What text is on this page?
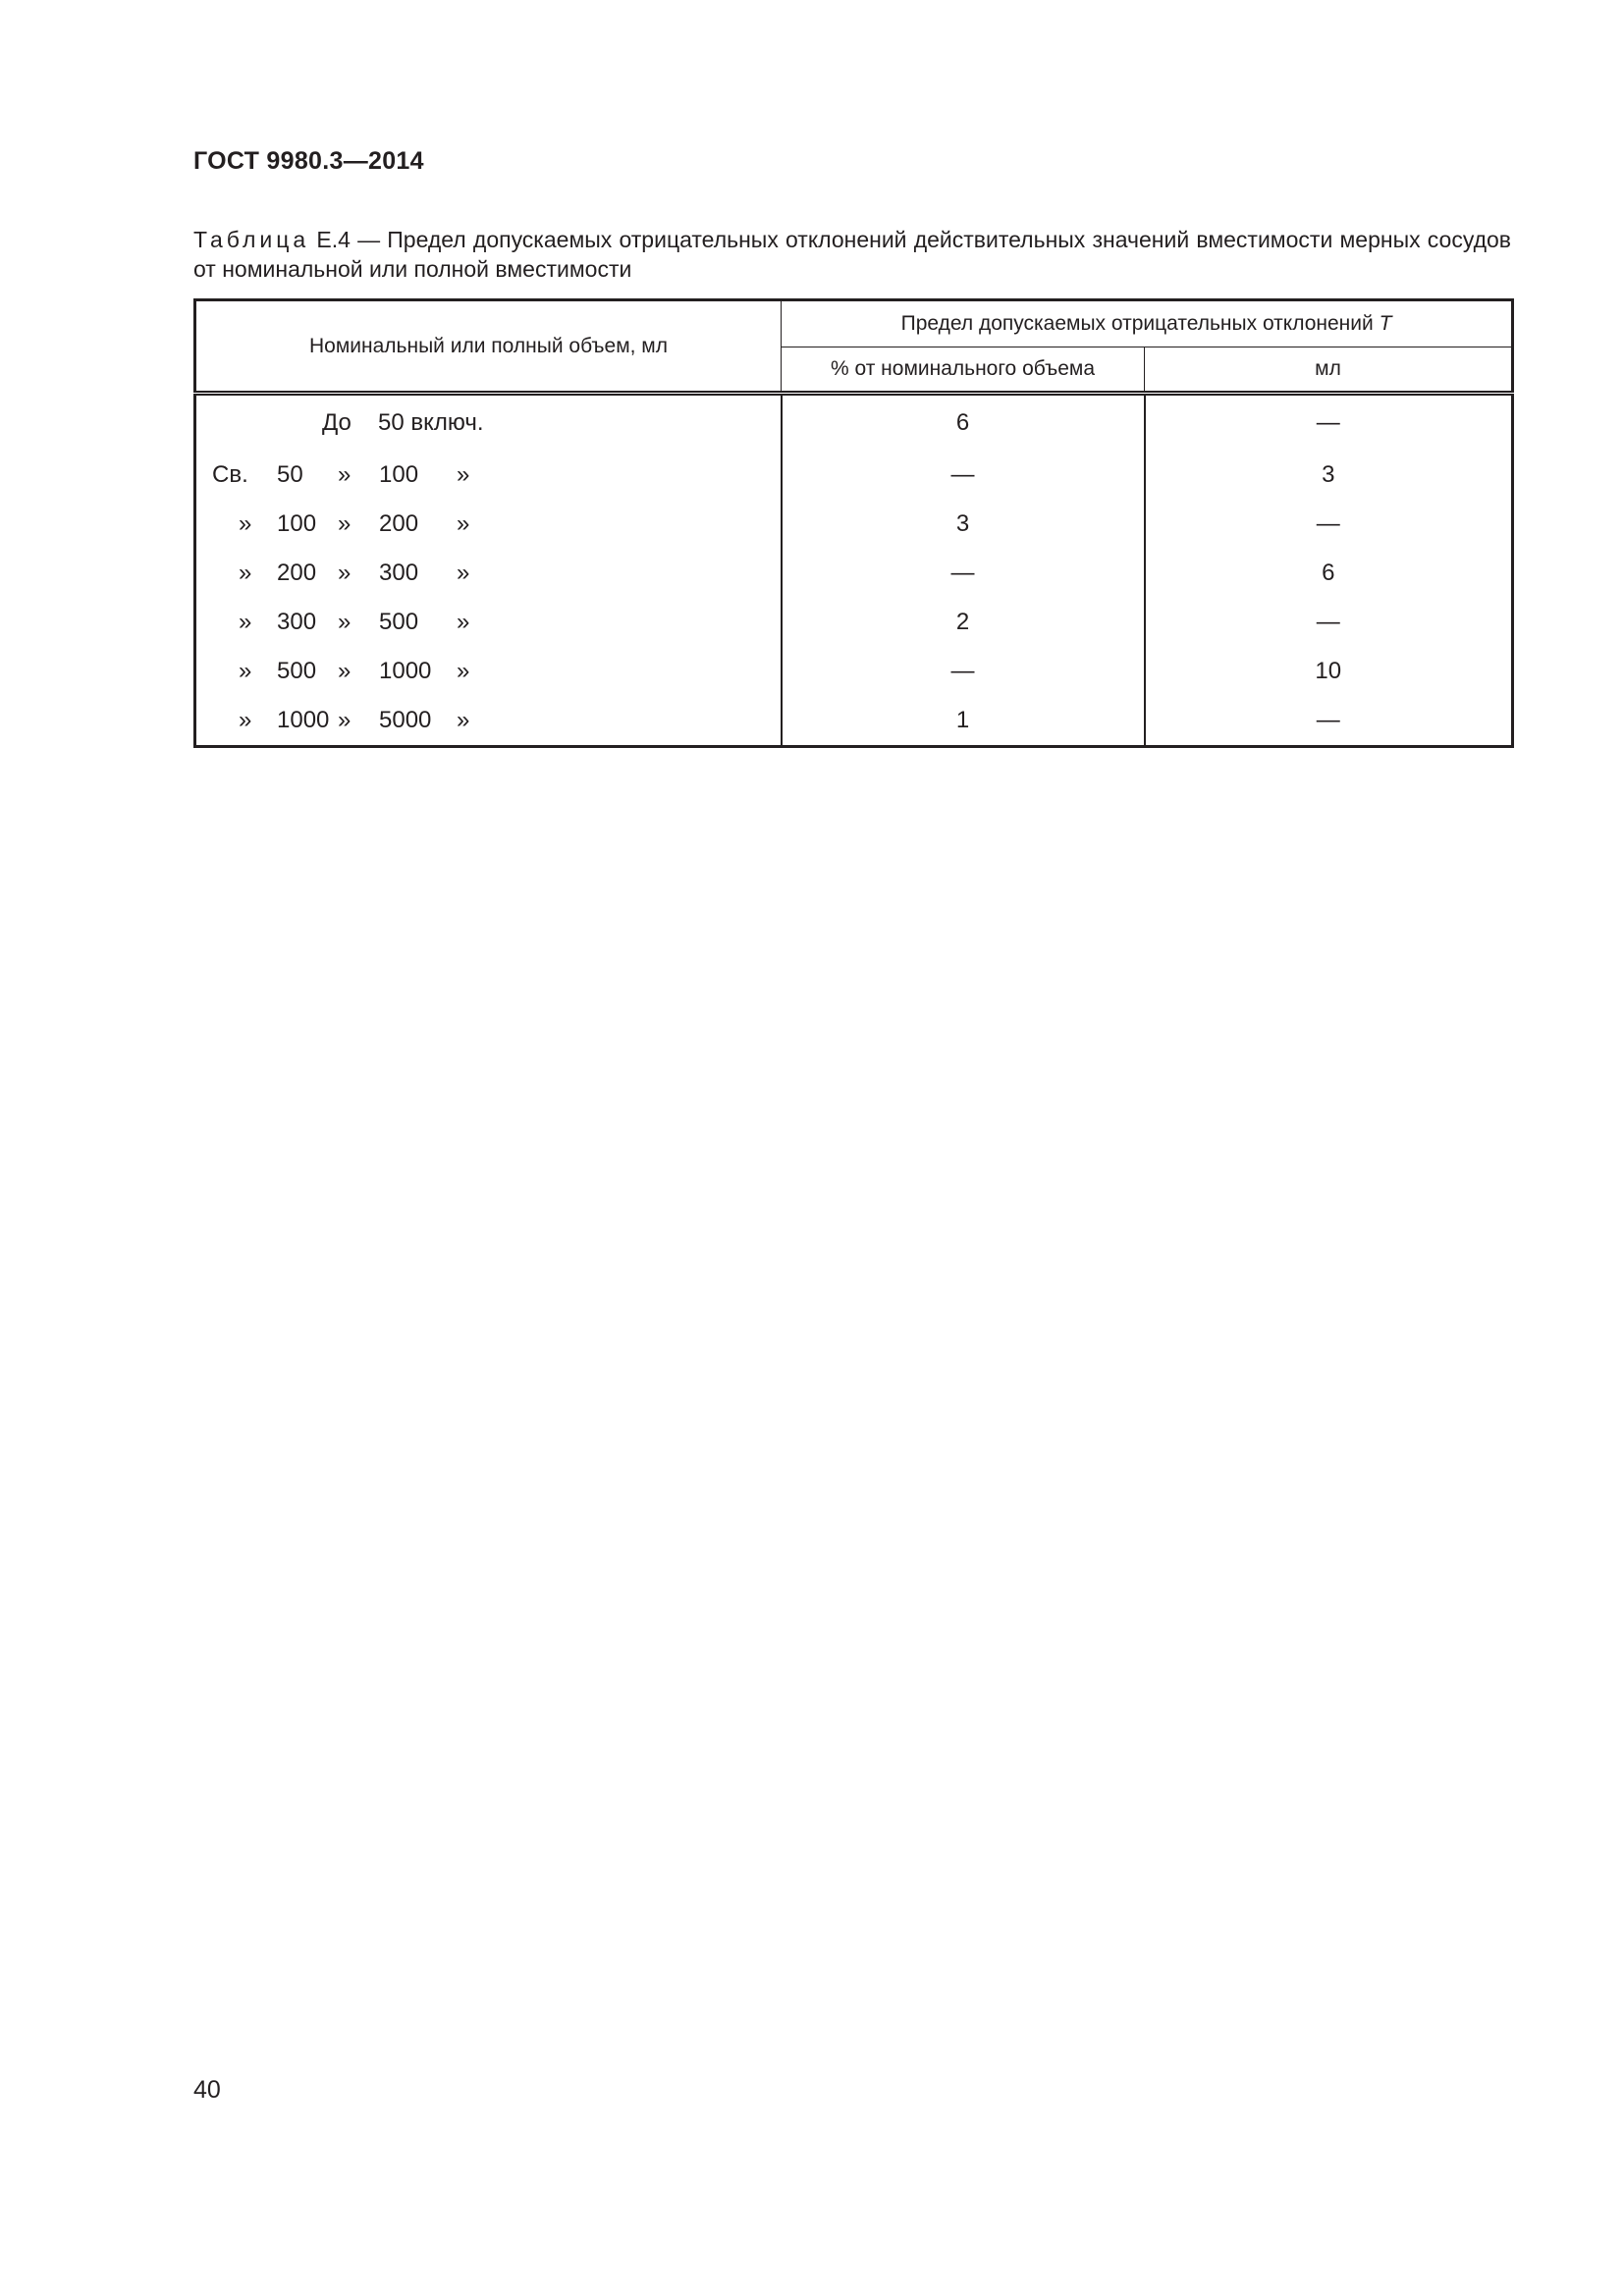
ГОСТ 9980.3—2014
Таблица Е.4 — Предел допускаемых отрицательных отклонений действительных значений вместимости мерных сосудов от номинальной или полной вместимости
Номинальный или полный объем, мл	Предел допускаемых отрицательных отклонений T	
	% от номинального объема	мл

До 50 включ.	6	—

Св. 50 » 100 »	—	3

» 100 » 200 »	3	—

» 200 » 300 »	—	6

» 300 » 500 »	2	—

» 500 » 1000 »	—	10

» 1000 » 5000 »	1	—
40
